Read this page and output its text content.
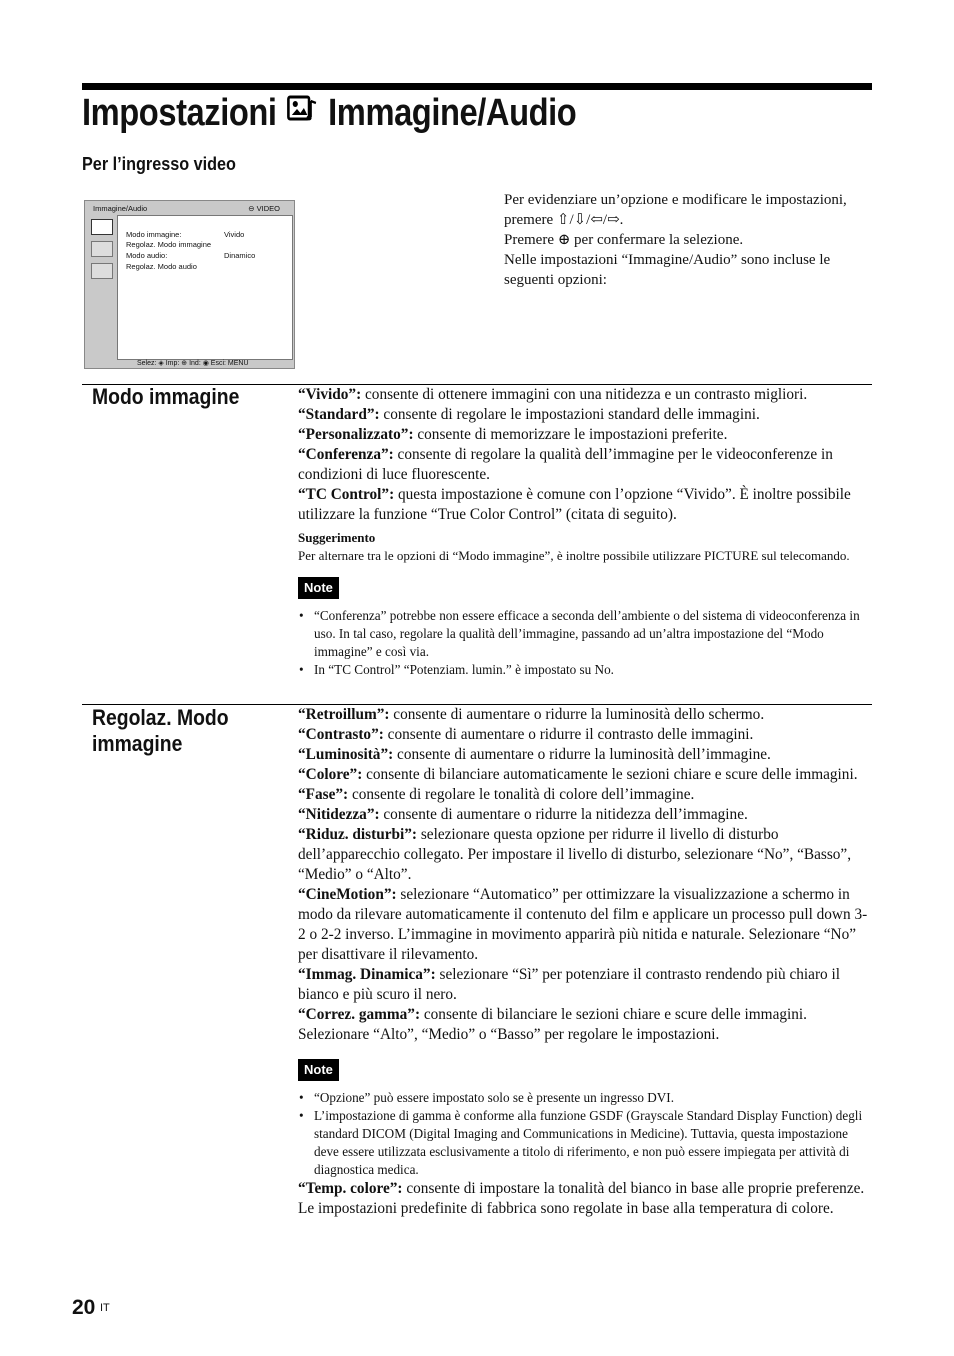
Impostazioni Immagine/Audio
Per l’ingresso video
Immagine/Audio	⊖ VIDEO
Modo immagine:	Vivido
Regolaz. Modo immagine
Modo audio:	Dinamico
Regolaz. Modo audio
Selez: ◈ Imp: ⊕ Ind: ◉ Esci: MENU
Per evidenziare un’opzione e modificare le impostazioni, premere ⇧/⇩/⇦/⇨.
Premere ⊕ per confermare la selezione.
Nelle impostazioni “Immagine/Audio” sono incluse le seguenti opzioni:
Modo immagine	“Vivido”: consente di ottenere immagini con una nitidezza e un contrasto migliori.

“Standard”: consente di regolare le impostazioni standard delle immagini.

“Personalizzato”: consente di memorizzare le impostazioni preferite.

“Conferenza”: consente di regolare la qualità dell’immagine per le videoconferenze in condizioni di luce fluorescente.

“TC Control”: questa impostazione è comune con l’opzione “Vivido”. È inoltre possibile utilizzare la funzione “True Color Control” (citata di seguito).

Suggerimento

Per alternare tra le opzioni di “Modo immagine”, è inoltre possibile utilizzare PICTURE sul telecomando.

Note

• “Conferenza” potrebbe non essere efficace a seconda dell’ambiente o del sistema di videoconferenza in uso. In tal caso, regolare la qualità dell’immagine, passando ad un’altra impostazione del “Modo immagine” e così via.
• In “TC Control” “Potenziam. lumin.” è impostato su No.
Regolaz. Modo immagine

“Retroillum”: consente di aumentare o ridurre la luminosità dello schermo.

“Contrasto”: consente di aumentare o ridurre il contrasto delle immagini.

“Luminosità”: consente di aumentare o ridurre la luminosità dell’immagine.

“Colore”: consente di bilanciare automaticamente le sezioni chiare e scure delle immagini.

“Fase”: consente di regolare le tonalità di colore dell’immagine.

“Nitidezza”: consente di aumentare o ridurre la nitidezza dell’immagine.

“Riduz. disturbi”: selezionare questa opzione per ridurre il livello di disturbo dell’apparecchio collegato. Per impostare il livello di disturbo, selezionare “No”, “Basso”, “Medio” o “Alto”.

“CineMotion”: selezionare “Automatico” per ottimizzare la visualizzazione a schermo in modo da rilevare automaticamente il contenuto del film e applicare un processo pull down 3-2 o 2-2 inverso. L’immagine in movimento apparirà più nitida e naturale. Selezionare “No” per disattivare il rilevamento.

“Immag. Dinamica”: selezionare “Sì” per potenziare il contrasto rendendo più chiaro il bianco e più scuro il nero.

“Correz. gamma”: consente di bilanciare le sezioni chiare e scure delle immagini. Selezionare “Alto”, “Medio” o “Basso” per regolare le impostazioni.

Note

• “Opzione” può essere impostato solo se è presente un ingresso DVI.
• L’impostazione di gamma è conforme alla funzione GSDF (Grayscale Standard Display Function) degli standard DICOM (Digital Imaging and Communications in Medicine). Tuttavia, questa impostazione deve essere utilizzata esclusivamente a titolo di riferimento, e non può essere impiegata per attività di diagnostica medica.

“Temp. colore”: consente di impostare la tonalità del bianco in base alle proprie preferenze. Le impostazioni predefinite di fabbrica sono regolate in base alla temperatura di colore.

20 IT
